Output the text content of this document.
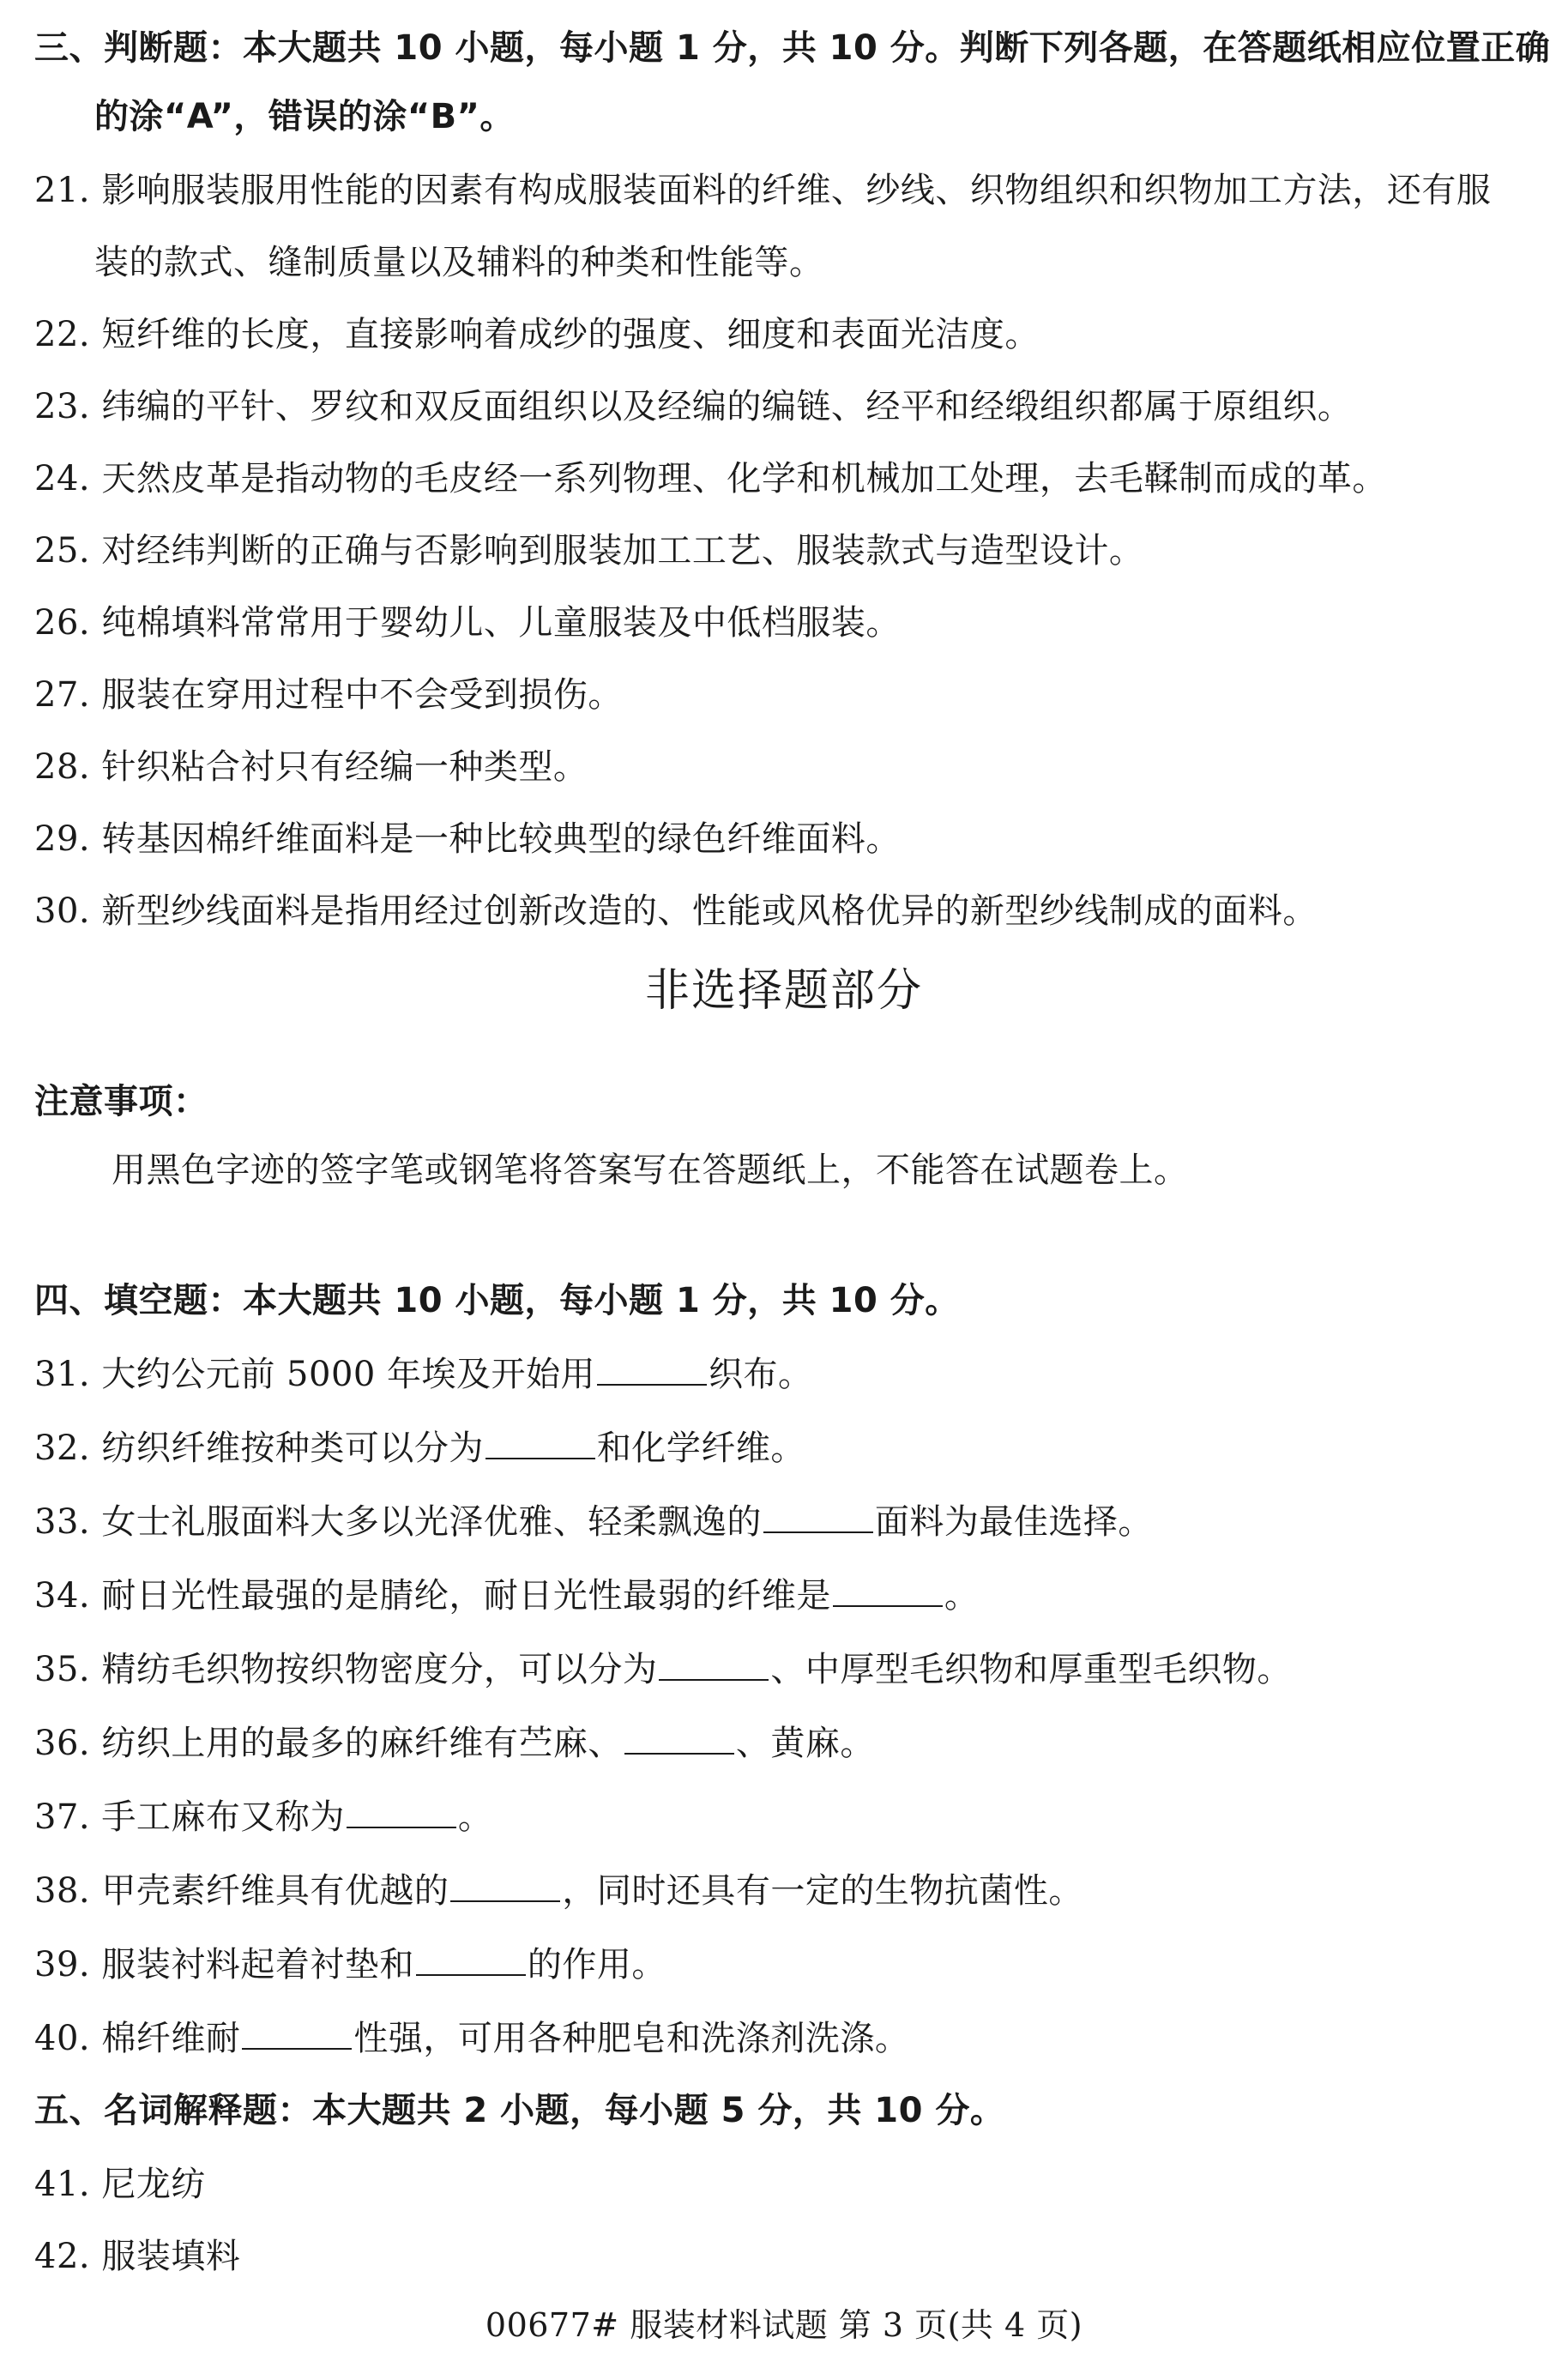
三、判断题：本大题共 10 小题，每小题 1 分，共 10 分。判断下列各题，在答题纸相应位置正确
的涂“A”，错误的涂“B”。
21. 影响服装服用性能的因素有构成服装面料的纤维、纱线、织物组织和织物加工方法，还有服
装的款式、缝制质量以及辅料的种类和性能等。
22. 短纤维的长度，直接影响着成纱的强度、细度和表面光洁度。
23. 纬编的平针、罗纹和双反面组织以及经编的编链、经平和经缎组织都属于原组织。
24. 天然皮革是指动物的毛皮经一系列物理、化学和机械加工处理，去毛鞣制而成的革。
25. 对经纬判断的正确与否影响到服装加工工艺、服装款式与造型设计。
26. 纯棉填料常常用于婴幼儿、儿童服装及中低档服装。
27. 服装在穿用过程中不会受到损伤。
28. 针织粘合衬只有经编一种类型。
29. 转基因棉纤维面料是一种比较典型的绿色纤维面料。
30. 新型纱线面料是指用经过创新改造的、性能或风格优异的新型纱线制成的面料。
非选择题部分
注意事项：
用黑色字迹的签字笔或钢笔将答案写在答题纸上，不能答在试题卷上。
四、填空题：本大题共 10 小题，每小题 1 分，共 10 分。
31. 大约公元前 5000 年埃及开始用	织布。
32. 纺织纤维按种类可以分为	和化学纤维。
33. 女士礼服面料大多以光泽优雅、轻柔飘逸的	面料为最佳选择。
34. 耐日光性最强的是腈纶，耐日光性最弱的纤维是	。
35. 精纺毛织物按织物密度分，可以分为	、中厚型毛织物和厚重型毛织物。
36. 纺织上用的最多的麻纤维有苎麻、	、黄麻。
37. 手工麻布又称为	。
38. 甲壳素纤维具有优越的	，同时还具有一定的生物抗菌性。
39. 服装衬料起着衬垫和	的作用。
40. 棉纤维耐	性强，可用各种肥皂和洗涤剂洗涤。
五、名词解释题：本大题共 2 小题，每小题 5 分，共 10 分。
41. 尼龙纺
42. 服装填料
00677# 服装材料试题 第 3 页(共 4 页)
